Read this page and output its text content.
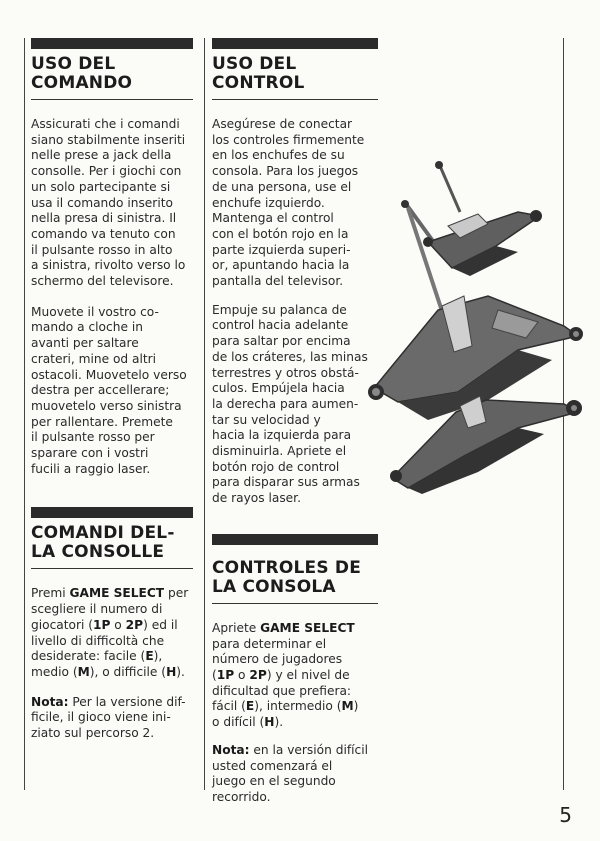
USO DEL
COMANDO

Assicurati che i comandi
siano stabilmente inseriti
nelle prese a jack della
consolle. Per i giochi con
un solo partecipante si
usa il comando inserito
nella presa di sinistra. Il
comando va tenuto con
il pulsante rosso in alto
a sinistra, rivolto verso lo
schermo del televisore.

Muovete il vostro co-
mando a cloche in
avanti per saltare
crateri, mine od altri
ostacoli. Muovetelo verso
destra per accellerare;
muovetelo verso sinistra
per rallentare. Premete
il pulsante rosso per
sparare con i vostri
fucili a raggio laser.

COMANDI DEL-
LA CONSOLLE

Premi GAME SELECT per
scegliere il numero di
giocatori (1P o 2P) ed il
livello di difficoltà che
desiderate: facile (E),
medio (M), o difficile (H).

Nota: Per la versione dif-
ficile, il gioco viene ini-
ziato sul percorso 2.

USO DEL
CONTROL

Asegúrese de conectar
los controles firmemente
en los enchufes de su
consola. Para los juegos
de una persona, use el
enchufe izquierdo.
Mantenga el control
con el botón rojo en la
parte izquierda superi-
or, apuntando hacia la
pantalla del televisor.

Empuje su palanca de
control hacia adelante
para saltar por encima
de los cráteres, las minas
terrestres y otros obstá-
culos. Empújela hacia
la derecha para aumen-
tar su velocidad y
hacia la izquierda para
disminuirla. Apriete el
botón rojo de control
para disparar sus armas
de rayos laser.

CONTROLES DE
LA CONSOLA

Apriete GAME SELECT
para determinar el
número de jugadores
(1P o 2P) y el nivel de
dificultad que prefiera:
fácil (E), intermedio (M)
o difícil (H).

Nota: en la versión difícil
usted comenzará el
juego en el segundo
recorrido.

5
